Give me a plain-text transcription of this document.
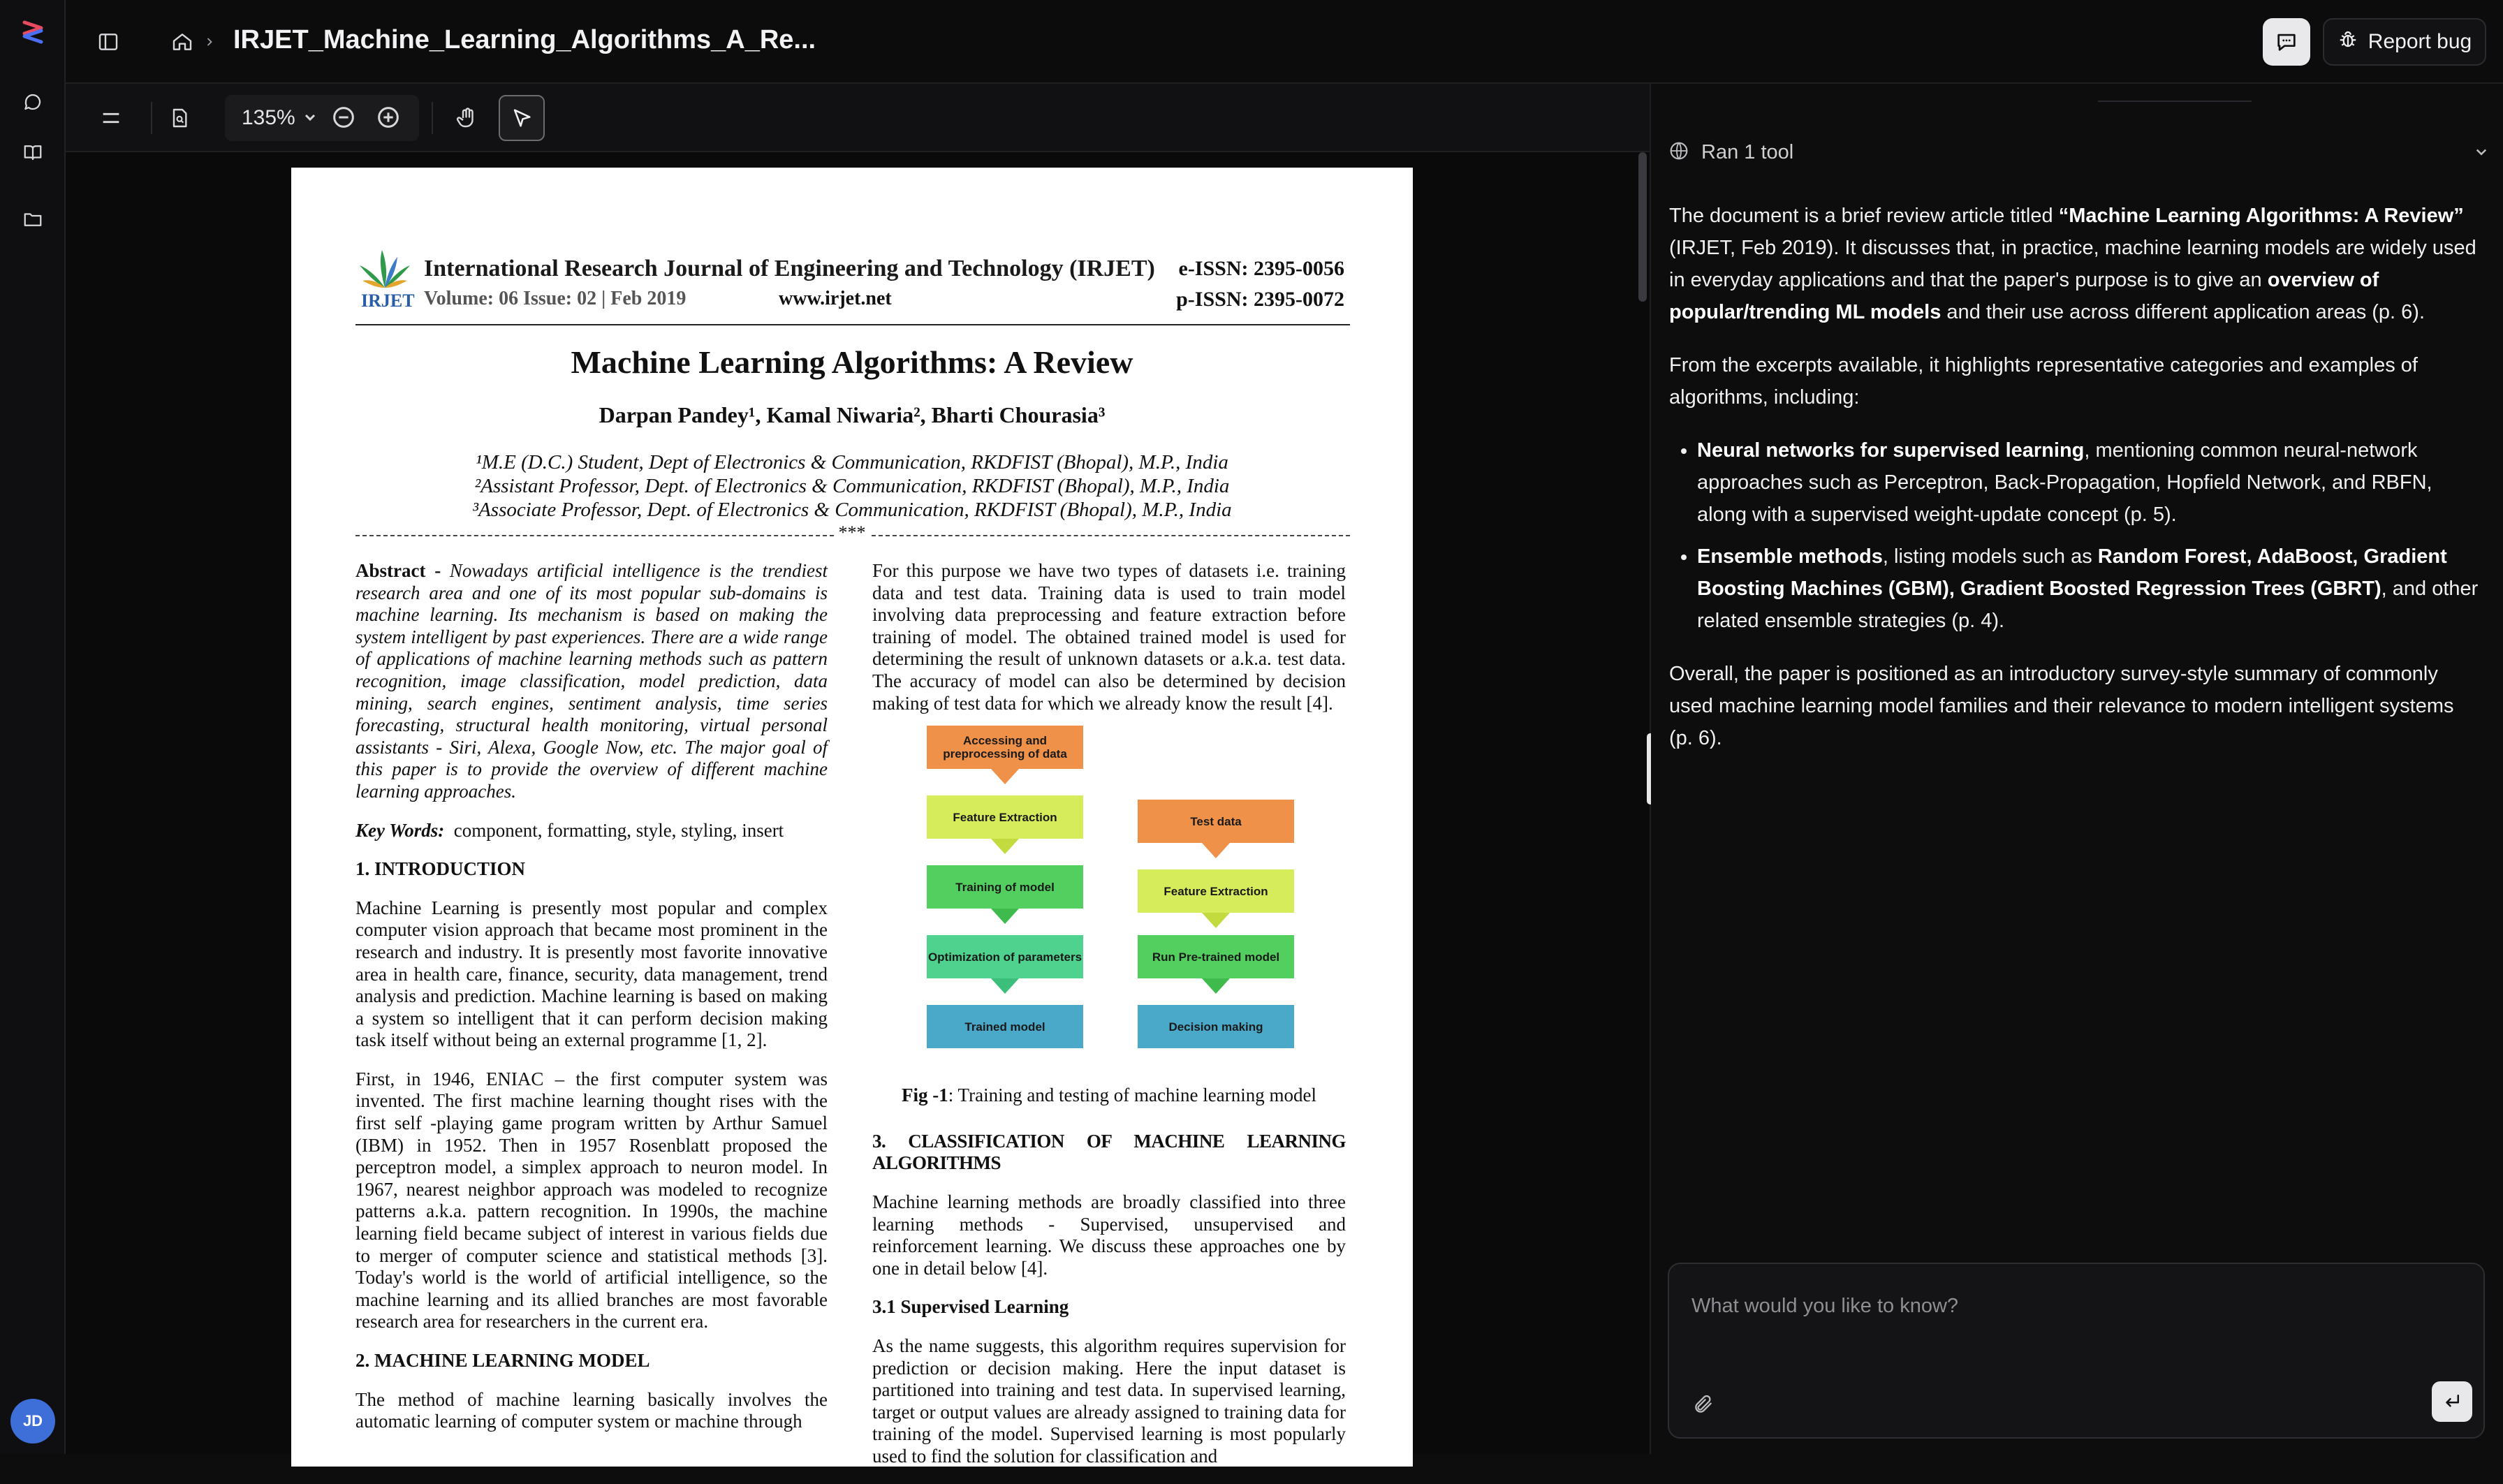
JD
IRJET_Machine_Learning_Algorithms_A_Re...	Report bug
135%
IRJET
International Research Journal of Engineering and Technology (IRJET)
Volume: 06 Issue: 02 | Feb 2019	www.irjet.net
e-ISSN: 2395-0056
p-ISSN: 2395-0072
Machine Learning Algorithms: A Review
Darpan Pandey¹, Kamal Niwaria², Bharti Chourasia³
¹M.E (D.C.) Student, Dept of Electronics & Communication, RKDFIST (Bhopal), M.P., India
²Assistant Professor, Dept. of Electronics & Communication, RKDFIST (Bhopal), M.P., India
³Associate Professor, Dept. of Electronics & Communication, RKDFIST (Bhopal), M.P., India
***

Abstract - Nowadays artificial intelligence is the trendiest research area and one of its most popular sub-domains is machine learning. Its mechanism is based on making the system intelligent by past experiences. There are a wide range of applications of machine learning methods such as pattern recognition, image classification, model prediction, data mining, search engines, sentiment analysis, time series forecasting, structural health monitoring, virtual personal assistants - Siri, Alexa, Google Now, etc. The major goal of this paper is to provide the overview of different machine learning approaches.

Key Words: component, formatting, style, styling, insert

1. INTRODUCTION

Machine Learning is presently most popular and complex computer vision approach that became most prominent in the research and industry. It is presently most favorite innovative area in health care, finance, security, data management, trend analysis and prediction. Machine learning is based on making a system so intelligent that it can perform decision making task itself without being an external programme [1, 2].

First, in 1946, ENIAC – the first computer system was invented. The first machine learning thought rises with the first self -playing game program written by Arthur Samuel (IBM) in 1952. Then in 1957 Rosenblatt proposed the perceptron model, a simplex approach to neuron model. In 1967, nearest neighbor approach was modeled to recognize patterns a.k.a. pattern recognition. In 1990s, the machine learning field became subject of interest in various fields due to merger of computer science and statistical methods [3]. Today's world is the world of artificial intelligence, so the machine learning and its allied branches are most favorable research area for researchers in the current era.

2. MACHINE LEARNING MODEL

The method of machine learning basically involves the automatic learning of computer system or machine through

For this purpose we have two types of datasets i.e. training data and test data. Training data is used to train model involving data preprocessing and feature extraction before training of model. The obtained trained model is used for determining the result of unknown datasets or a.k.a. test data. The accuracy of model can also be determined by decision making of test data for which we already know the result [4].

Accessing and preprocessing of data
Feature Extraction
Training of model
Optimization of parameters
Trained model
Test data
Feature Extraction
Run Pre-trained model
Decision making
Fig -1: Training and testing of machine learning model
3. CLASSIFICATION OF MACHINE LEARNING ALGORITHMS

Machine learning methods are broadly classified into three learning methods - Supervised, unsupervised and reinforcement learning. We discuss these approaches one by one in detail below [4].

3.1 Supervised Learning

As the name suggests, this algorithm requires supervision for prediction or decision making. Here the input dataset is partitioned into training and test data. In supervised learning, target or output values are already assigned to training data for training of the model. Supervised learning is most popularly used to find the solution for classification and

Ran 1 tool

The document is a brief review article titled “Machine Learning Algorithms: A Review” (IRJET, Feb 2019). It discusses that, in practice, machine learning models are widely used in everyday applications and that the paper's purpose is to give an overview of popular/trending ML models and their use across different application areas (p. 6).

From the excerpts available, it highlights representative categories and examples of algorithms, including:

• Neural networks for supervised learning, mentioning common neural-network approaches such as Perceptron, Back-Propagation, Hopfield Network, and RBFN, along with a supervised weight-update concept (p. 5).
• Ensemble methods, listing models such as Random Forest, AdaBoost, Gradient Boosting Machines (GBM), Gradient Boosted Regression Trees (GBRT), and other related ensemble strategies (p. 4).

Overall, the paper is positioned as an introductory survey-style summary of commonly used machine learning model families and their relevance to modern intelligent systems (p. 6).

What would you like to know?
